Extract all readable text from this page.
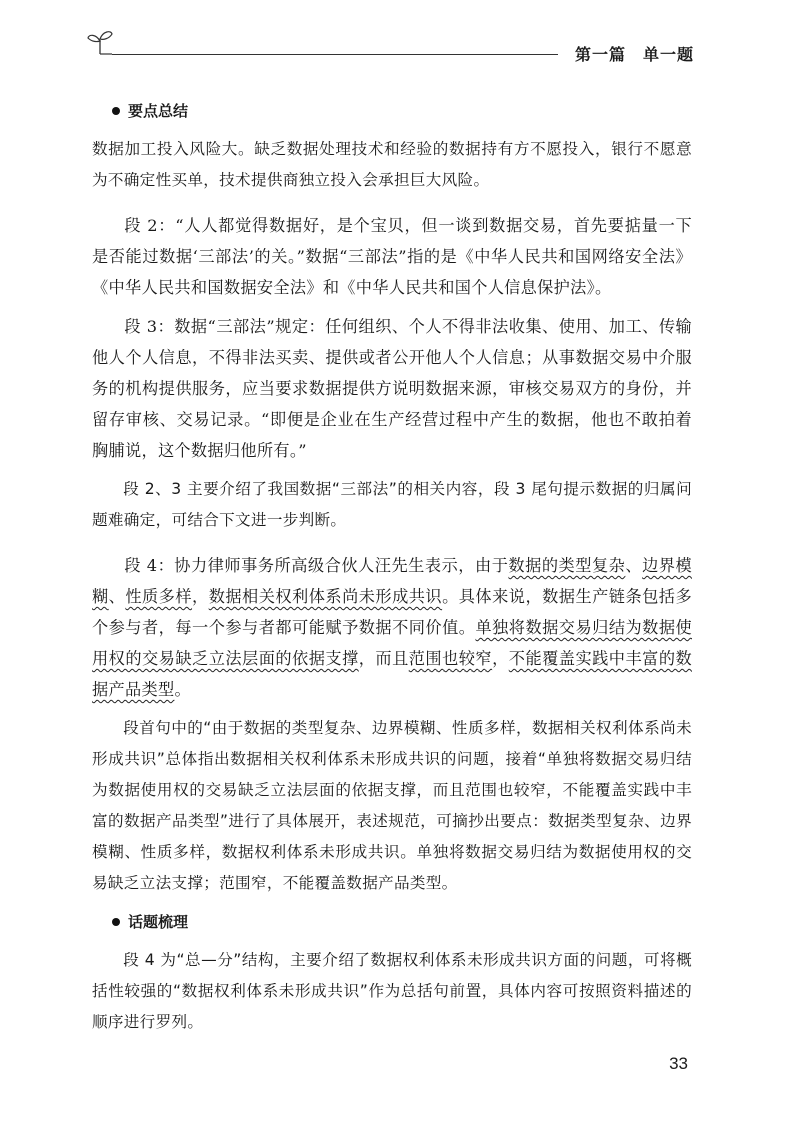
第一篇　单一题
要点总结

数据加工投入风险大。缺乏数据处理技术和经验的数据持有方不愿投入，银行不愿意为不确定性买单，技术提供商独立投入会承担巨大风险。

段 2：“人人都觉得数据好，是个宝贝，但一谈到数据交易，首先要掂量一下是否能过数据‘三部法’的关。”数据“三部法”指的是《中华人民共和国网络安全法》《中华人民共和国数据安全法》和《中华人民共和国个人信息保护法》。

段 3：数据“三部法”规定：任何组织、个人不得非法收集、使用、加工、传输他人个人信息，不得非法买卖、提供或者公开他人个人信息；从事数据交易中介服务的机构提供服务，应当要求数据提供方说明数据来源，审核交易双方的身份，并留存审核、交易记录。“即便是企业在生产经营过程中产生的数据，他也不敢拍着胸脯说，这个数据归他所有。”

段 2、3 主要介绍了我国数据“三部法”的相关内容，段 3 尾句提示数据的归属问题难确定，可结合下文进一步判断。

段 4：协力律师事务所高级合伙人汪先生表示，由于数据的类型复杂、边界模糊、性质多样，数据相关权利体系尚未形成共识。具体来说，数据生产链条包括多个参与者，每一个参与者都可能赋予数据不同价值。单独将数据交易归结为数据使用权的交易缺乏立法层面的依据支撑，而且范围也较窄，不能覆盖实践中丰富的数据产品类型。

段首句中的“由于数据的类型复杂、边界模糊、性质多样，数据相关权利体系尚未形成共识”总体指出数据相关权利体系未形成共识的问题，接着“单独将数据交易归结为数据使用权的交易缺乏立法层面的依据支撑，而且范围也较窄，不能覆盖实践中丰富的数据产品类型”进行了具体展开，表述规范，可摘抄出要点：数据类型复杂、边界模糊、性质多样，数据权利体系未形成共识。单独将数据交易归结为数据使用权的交易缺乏立法支撑；范围窄，不能覆盖数据产品类型。

话题梳理

段 4 为“总—分”结构，主要介绍了数据权利体系未形成共识方面的问题，可将概括性较强的“数据权利体系未形成共识”作为总括句前置，具体内容可按照资料描述的顺序进行罗列。

33
